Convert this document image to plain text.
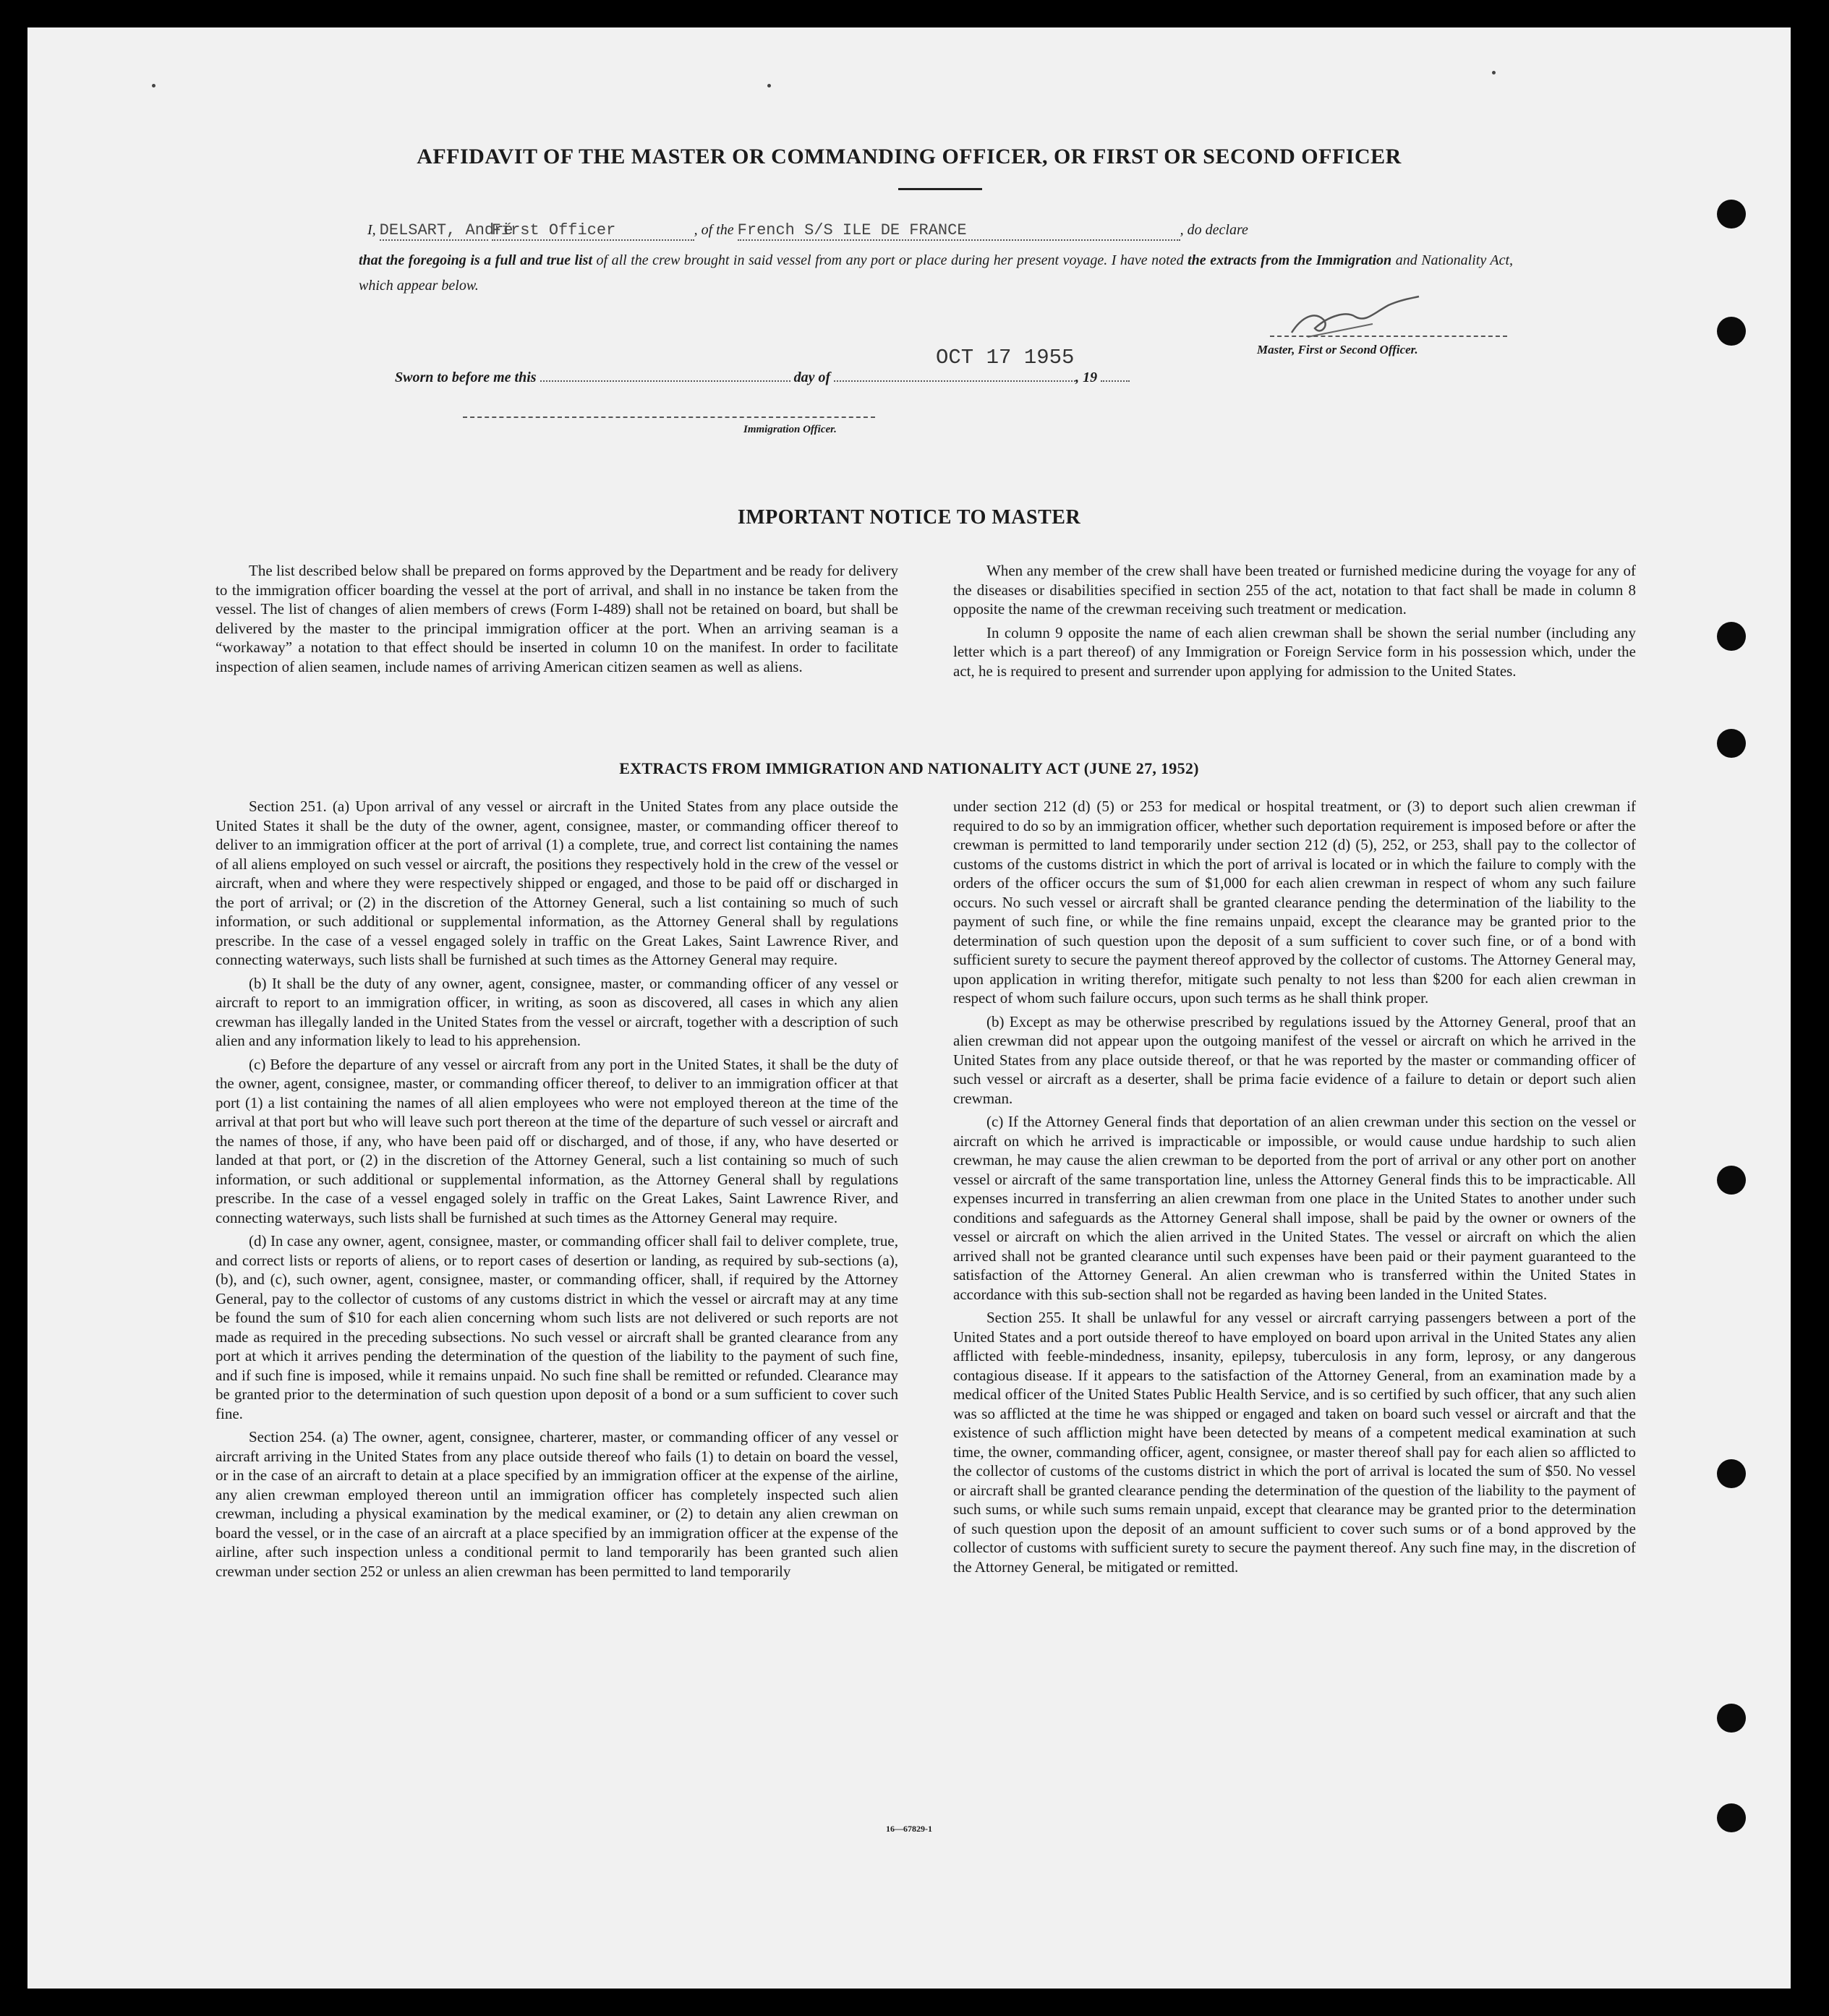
AFFIDAVIT OF THE MASTER OR COMMANDING OFFICER, OR FIRST OR SECOND OFFICER
I, DELSART, André First Officer	, of the French S/S ILE DE FRANCE	, do declare
that the foregoing is a full and true list of all the crew brought in said vessel from any port or place during her present voyage. I have noted the extracts from the Immigration and Nationality Act, which appear below.
Master, First or Second Officer.
OCT 17 1955
Sworn to before me this	day of	, 19
Immigration Officer.
IMPORTANT NOTICE TO MASTER

The list described below shall be prepared on forms approved by the Department and be ready for delivery to the immigration officer boarding the vessel at the port of arrival, and shall in no instance be taken from the vessel. The list of changes of alien members of crews (Form I-489) shall not be retained on board, but shall be delivered by the master to the principal immigration officer at the port. When an arriving seaman is a “workaway” a notation to that effect should be inserted in column 10 on the manifest. In order to facilitate inspection of alien seamen, include names of arriving American citizen seamen as well as aliens.

When any member of the crew shall have been treated or furnished medicine during the voyage for any of the diseases or disabilities specified in section 255 of the act, notation to that fact shall be made in column 8 opposite the name of the crewman receiving such treatment or medication.

In column 9 opposite the name of each alien crewman shall be shown the serial number (including any letter which is a part thereof) of any Immigration or Foreign Service form in his possession which, under the act, he is required to present and surrender upon applying for admission to the United States.

EXTRACTS FROM IMMIGRATION AND NATIONALITY ACT (JUNE 27, 1952)

Section 251. (a) Upon arrival of any vessel or aircraft in the United States from any place outside the United States it shall be the duty of the owner, agent, consignee, master, or commanding officer thereof to deliver to an immigration officer at the port of arrival (1) a complete, true, and correct list containing the names of all aliens employed on such vessel or aircraft, the positions they respectively hold in the crew of the vessel or aircraft, when and where they were respectively shipped or engaged, and those to be paid off or discharged in the port of arrival; or (2) in the discretion of the Attorney General, such a list containing so much of such information, or such additional or supplemental information, as the Attorney General shall by regulations prescribe. In the case of a vessel engaged solely in traffic on the Great Lakes, Saint Lawrence River, and connecting waterways, such lists shall be furnished at such times as the Attorney General may require.

(b) It shall be the duty of any owner, agent, consignee, master, or commanding officer of any vessel or aircraft to report to an immigration officer, in writing, as soon as discovered, all cases in which any alien crewman has illegally landed in the United States from the vessel or aircraft, together with a description of such alien and any information likely to lead to his apprehension.

(c) Before the departure of any vessel or aircraft from any port in the United States, it shall be the duty of the owner, agent, consignee, master, or commanding officer thereof, to deliver to an immigration officer at that port (1) a list containing the names of all alien employees who were not employed thereon at the time of the arrival at that port but who will leave such port thereon at the time of the departure of such vessel or aircraft and the names of those, if any, who have been paid off or discharged, and of those, if any, who have deserted or landed at that port, or (2) in the discretion of the Attorney General, such a list containing so much of such information, or such additional or supplemental information, as the Attorney General shall by regulations prescribe. In the case of a vessel engaged solely in traffic on the Great Lakes, Saint Lawrence River, and connecting waterways, such lists shall be furnished at such times as the Attorney General may require.

(d) In case any owner, agent, consignee, master, or commanding officer shall fail to deliver complete, true, and correct lists or reports of aliens, or to report cases of desertion or landing, as required by sub-sections (a), (b), and (c), such owner, agent, consignee, master, or commanding officer, shall, if required by the Attorney General, pay to the collector of customs of any customs district in which the vessel or aircraft may at any time be found the sum of $10 for each alien concerning whom such lists are not delivered or such reports are not made as required in the preceding subsections. No such vessel or aircraft shall be granted clearance from any port at which it arrives pending the determination of the question of the liability to the payment of such fine, and if such fine is imposed, while it remains unpaid. No such fine shall be remitted or refunded. Clearance may be granted prior to the determination of such question upon deposit of a bond or a sum sufficient to cover such fine.

Section 254. (a) The owner, agent, consignee, charterer, master, or commanding officer of any vessel or aircraft arriving in the United States from any place outside thereof who fails (1) to detain on board the vessel, or in the case of an aircraft to detain at a place specified by an immigration officer at the expense of the airline, any alien crewman employed thereon until an immigration officer has completely inspected such alien crewman, including a physical examination by the medical examiner, or (2) to detain any alien crewman on board the vessel, or in the case of an aircraft at a place specified by an immigration officer at the expense of the airline, after such inspection unless a conditional permit to land temporarily has been granted such alien crewman under section 252 or unless an alien crewman has been permitted to land temporarily

under section 212 (d) (5) or 253 for medical or hospital treatment, or (3) to deport such alien crewman if required to do so by an immigration officer, whether such deportation requirement is imposed before or after the crewman is permitted to land temporarily under section 212 (d) (5), 252, or 253, shall pay to the collector of customs of the customs district in which the port of arrival is located or in which the failure to comply with the orders of the officer occurs the sum of $1,000 for each alien crewman in respect of whom any such failure occurs. No such vessel or aircraft shall be granted clearance pending the determination of the liability to the payment of such fine, or while the fine remains unpaid, except the clearance may be granted prior to the determination of such question upon the deposit of a sum sufficient to cover such fine, or of a bond with sufficient surety to secure the payment thereof approved by the collector of customs. The Attorney General may, upon application in writing therefor, mitigate such penalty to not less than $200 for each alien crewman in respect of whom such failure occurs, upon such terms as he shall think proper.

(b) Except as may be otherwise prescribed by regulations issued by the Attorney General, proof that an alien crewman did not appear upon the outgoing manifest of the vessel or aircraft on which he arrived in the United States from any place outside thereof, or that he was reported by the master or commanding officer of such vessel or aircraft as a deserter, shall be prima facie evidence of a failure to detain or deport such alien crewman.

(c) If the Attorney General finds that deportation of an alien crewman under this section on the vessel or aircraft on which he arrived is impracticable or impossible, or would cause undue hardship to such alien crewman, he may cause the alien crewman to be deported from the port of arrival or any other port on another vessel or aircraft of the same transportation line, unless the Attorney General finds this to be impracticable. All expenses incurred in transferring an alien crewman from one place in the United States to another under such conditions and safeguards as the Attorney General shall impose, shall be paid by the owner or owners of the vessel or aircraft on which the alien arrived in the United States. The vessel or aircraft on which the alien arrived shall not be granted clearance until such expenses have been paid or their payment guaranteed to the satisfaction of the Attorney General. An alien crewman who is transferred within the United States in accordance with this sub-section shall not be regarded as having been landed in the United States.

Section 255. It shall be unlawful for any vessel or aircraft carrying passengers between a port of the United States and a port outside thereof to have employed on board upon arrival in the United States any alien afflicted with feeble-mindedness, insanity, epilepsy, tuberculosis in any form, leprosy, or any dangerous contagious disease. If it appears to the satisfaction of the Attorney General, from an examination made by a medical officer of the United States Public Health Service, and is so certified by such officer, that any such alien was so afflicted at the time he was shipped or engaged and taken on board such vessel or aircraft and that the existence of such affliction might have been detected by means of a competent medical examination at such time, the owner, commanding officer, agent, consignee, or master thereof shall pay for each alien so afflicted to the collector of customs of the customs district in which the port of arrival is located the sum of $50. No vessel or aircraft shall be granted clearance pending the determination of the question of the liability to the payment of such sums, or while such sums remain unpaid, except that clearance may be granted prior to the determination of such question upon the deposit of an amount sufficient to cover such sums or of a bond approved by the collector of customs with sufficient surety to secure the payment thereof. Any such fine may, in the discretion of the Attorney General, be mitigated or remitted.

16—67829-1
